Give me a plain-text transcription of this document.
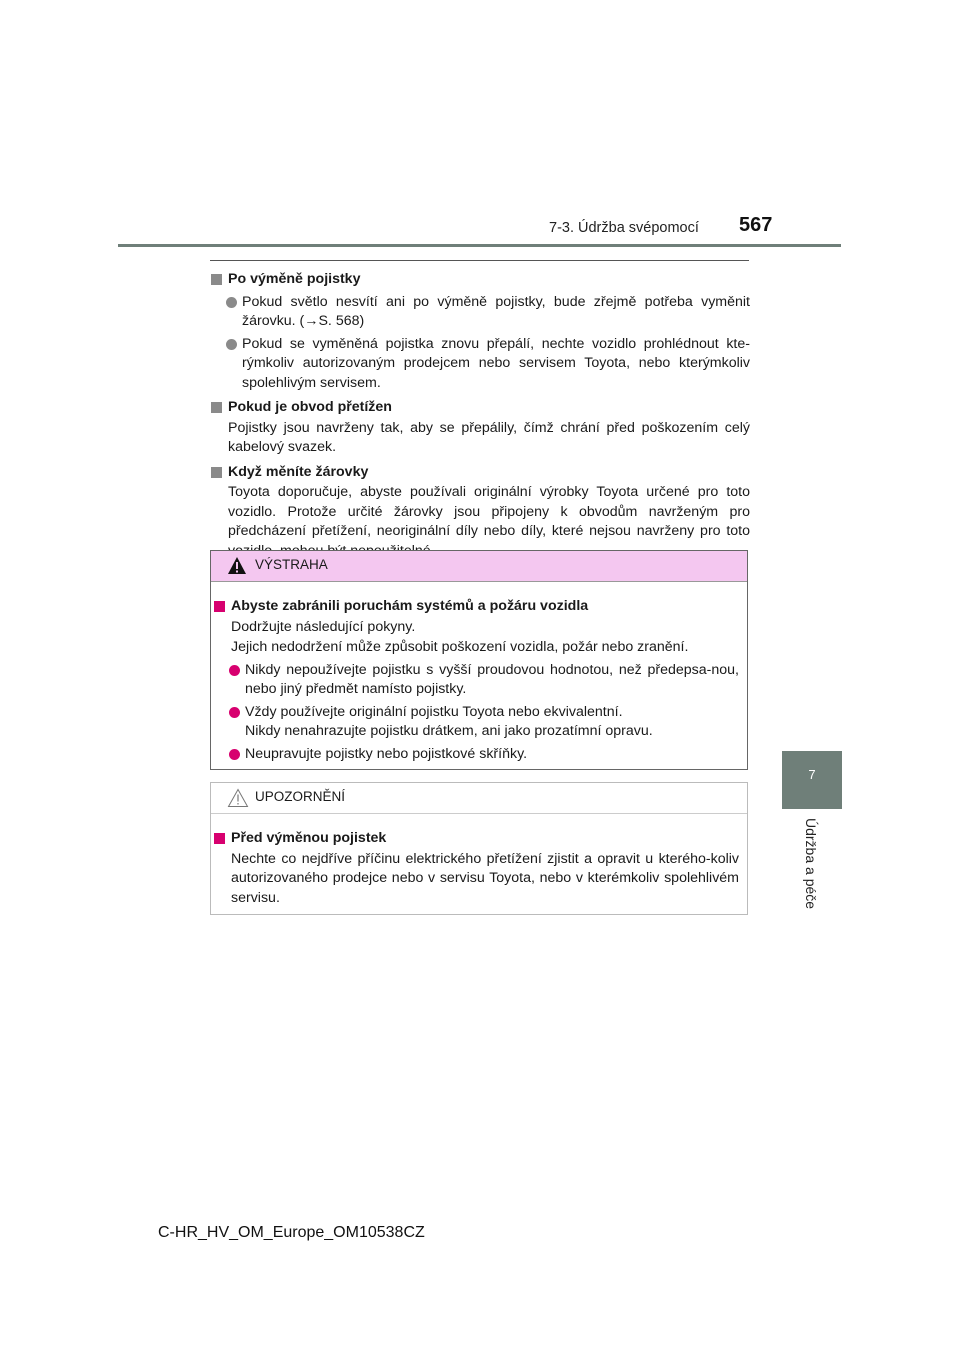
7-3. Údržba svépomocí 567
7
Údržba a péče
Po výměně pojistky
Pokud světlo nesvítí ani po výměně pojistky, bude zřejmě potřeba vyměnit žárovku. (→S. 568)
Pokud se vyměněná pojistka znovu přepálí, nechte vozidlo prohlédnout kte-rýmkoliv autorizovaným prodejcem nebo servisem Toyota, nebo kterýmkoliv spolehlivým servisem.
Pokud je obvod přetížen
Pojistky jsou navrženy tak, aby se přepálily, čímž chrání před poškozením celý kabelový svazek.
Když měníte žárovky
Toyota doporučuje, abyste používali originální výrobky Toyota určené pro toto vozidlo. Protože určité žárovky jsou připojeny k obvodům navrženým pro předcházení přetížení, neoriginální díly nebo díly, které nejsou navrženy pro toto
VÝSTRAHA
Abyste zabránili poruchám systémů a požáru vozidla
Dodržujte následující pokyny.
Jejich nedodržení může způsobit poškození vozidla, požár nebo zranění.
Nikdy nepoužívejte pojistku s vyšší proudovou hodnotou, než předepsa-nou, nebo jiný předmět namísto pojistky.
Vždy používejte originální pojistku Toyota nebo ekvivalentní.
Nikdy nenahrazujte pojistku drátkem, ani jako prozatímní opravu.
Neupravujte pojistky nebo pojistkové skříňky.
UPOZORNĚNÍ
Před výměnou pojistek
Nechte co nejdříve příčinu elektrického přetížení zjistit a opravit u kterého-koliv autorizovaného prodejce nebo v servisu Toyota, nebo v kterémkoliv spolehlivém servisu.
C-HR_HV_OM_Europe_OM10538CZ
